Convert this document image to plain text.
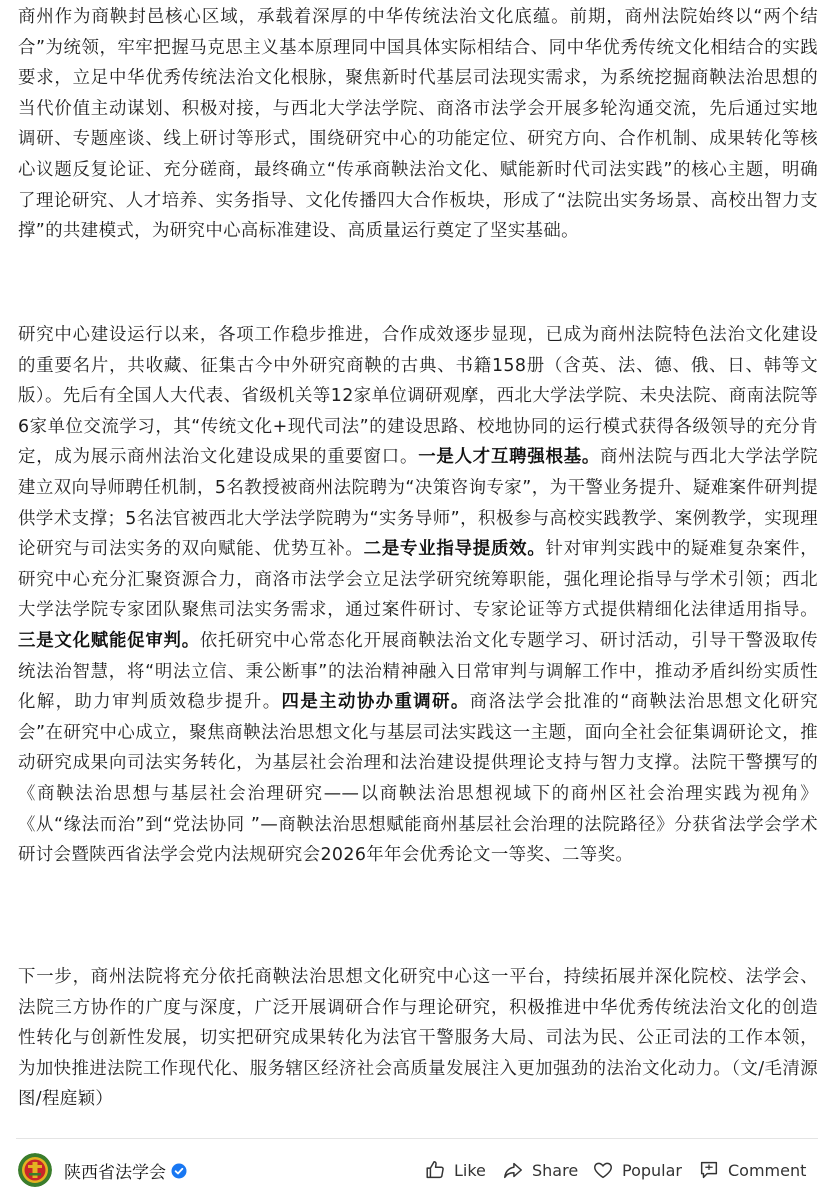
商州作为商鞅封邑核心区域，承载着深厚的中华传统法治文化底蕴。前期，商州法院始终以“两个结合”为统领，牢牢把握马克思主义基本原理同中国具体实际相结合、同中华优秀传统文化相结合的实践要求，立足中华优秀传统法治文化根脉，聚焦新时代基层司法现实需求，为系统挖掘商鞅法治思想的当代价值主动谋划、积极对接，与西北大学法学院、商洛市法学会开展多轮沟通交流，先后通过实地调研、专题座谈、线上研讨等形式，围绕研究中心的功能定位、研究方向、合作机制、成果转化等核心议题反复论证、充分磋商，最终确立“传承商鞅法治文化、赋能新时代司法实践”的核心主题，明确了理论研究、人才培养、实务指导、文化传播四大合作板块，形成了“法院出实务场景、高校出智力支撑”的共建模式，为研究中心高标准建设、高质量运行奠定了坚实基础。

研究中心建设运行以来，各项工作稳步推进，合作成效逐步显现，已成为商州法院特色法治文化建设的重要名片，共收藏、征集古今中外研究商鞅的古典、书籍158册（含英、法、德、俄、日、韩等文版）。先后有全国人大代表、省级机关等12家单位调研观摩，西北大学法学院、未央法院、商南法院等6家单位交流学习，其“传统文化+现代司法”的建设思路、校地协同的运行模式获得各级领导的充分肯定，成为展示商州法治文化建设成果的重要窗口。一是人才互聘强根基。商州法院与西北大学法学院建立双向导师聘任机制，5名教授被商州法院聘为“决策咨询专家”，为干警业务提升、疑难案件研判提供学术支撑；5名法官被西北大学法学院聘为“实务导师”，积极参与高校实践教学、案例教学，实现理论研究与司法实务的双向赋能、优势互补。二是专业指导提质效。针对审判实践中的疑难复杂案件，研究中心充分汇聚资源合力，商洛市法学会立足法学研究统筹职能，强化理论指导与学术引领；西北大学法学院专家团队聚焦司法实务需求，通过案件研讨、专家论证等方式提供精细化法律适用指导。三是文化赋能促审判。依托研究中心常态化开展商鞅法治文化专题学习、研讨活动，引导干警汲取传统法治智慧，将“明法立信、秉公断事”的法治精神融入日常审判与调解工作中，推动矛盾纠纷实质性化解，助力审判质效稳步提升。四是主动协办重调研。商洛法学会批准的“商鞅法治思想文化研究会”在研究中心成立，聚焦商鞅法治思想文化与基层司法实践这一主题，面向全社会征集调研论文，推动研究成果向司法实务转化，为基层社会治理和法治建设提供理论支持与智力支撑。法院干警撰写的《商鞅法治思想与基层社会治理研究——以商鞅法治思想视域下的商州区社会治理实践为视角》《从“缘法而治”到“党法协同 ”—商鞅法治思想赋能商州基层社会治理的法院路径》分获省法学会学术研讨会暨陕西省法学会党内法规研究会2026年年会优秀论文一等奖、二等奖。

下一步，商州法院将充分依托商鞅法治思想文化研究中心这一平台，持续拓展并深化院校、法学会、法院三方协作的广度与深度，广泛开展调研合作与理论研究，积极推进中华优秀传统法治文化的创造性转化与创新性发展，切实把研究成果转化为法官干警服务大局、司法为民、公正司法的工作本领，为加快推进法院工作现代化、服务辖区经济社会高质量发展注入更加强劲的法治文化动力。（文/毛清源 图/程庭颖）

陕西省法学会	Like	Share	Popular	Comment
